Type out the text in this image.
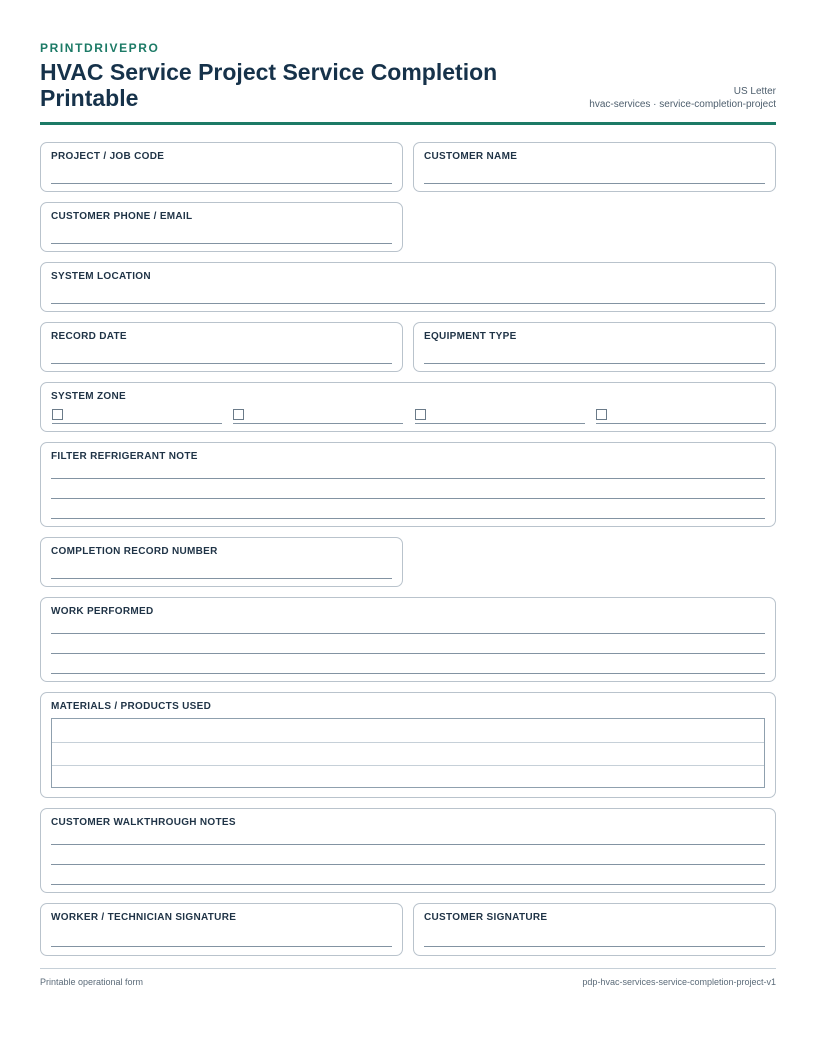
PRINTDRIVEPRO
HVAC Service Project Service Completion Printable	US Letter
hvac-services · service-completion-project
PROJECT / JOB CODE	CUSTOMER NAME
CUSTOMER PHONE / EMAIL
SYSTEM LOCATION
RECORD DATE	EQUIPMENT TYPE
SYSTEM ZONE
FILTER REFRIGERANT NOTE
COMPLETION RECORD NUMBER
WORK PERFORMED
MATERIALS / PRODUCTS USED
CUSTOMER WALKTHROUGH NOTES
WORKER / TECHNICIAN SIGNATURE	CUSTOMER SIGNATURE
Printable operational form	pdp-hvac-services-service-completion-project-v1
